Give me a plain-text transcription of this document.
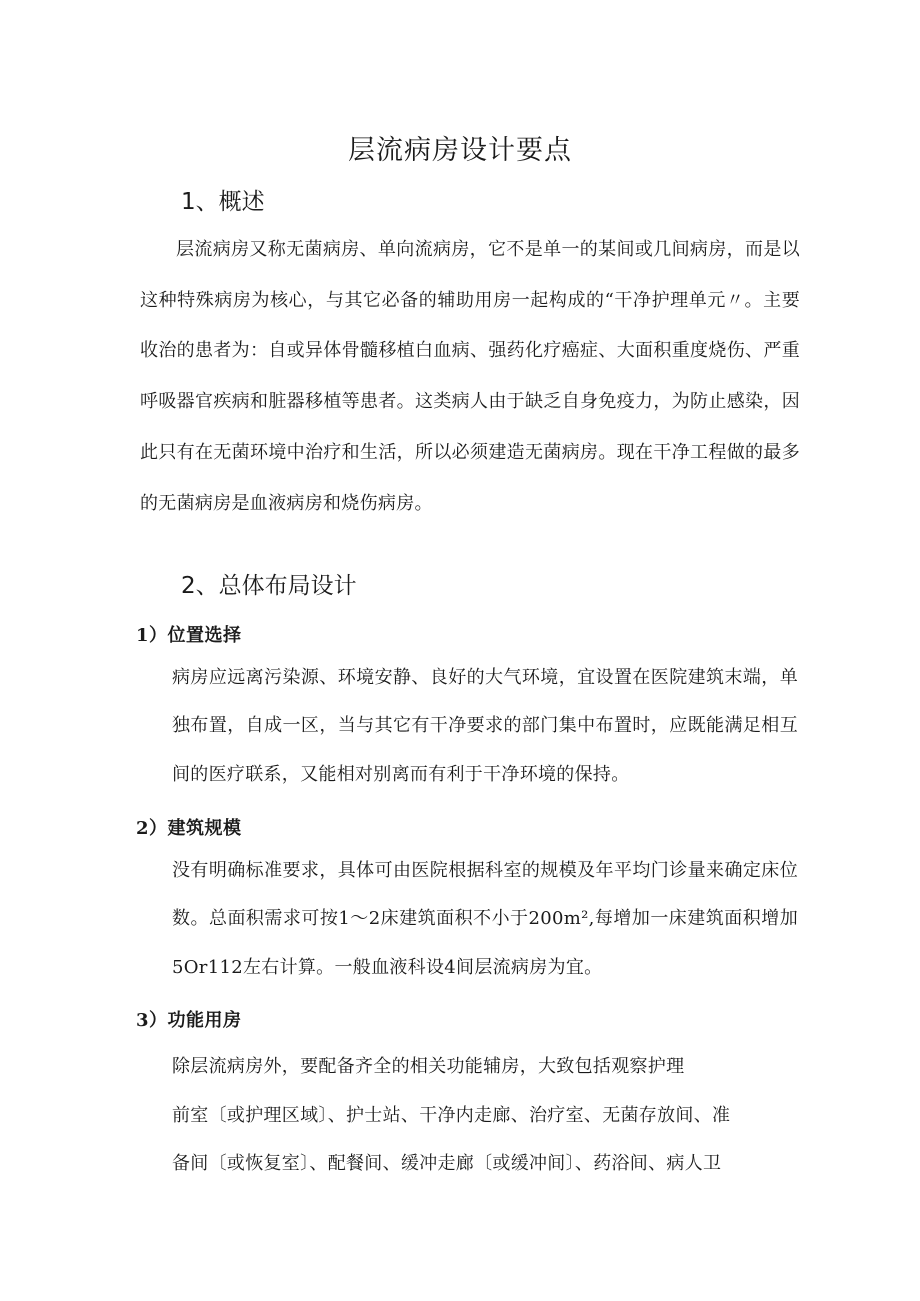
层流病房设计要点
1、概述

层流病房又称无菌病房、单向流病房，它不是单一的某间或几间病房，而是以这种特殊病房为核心，与其它必备的辅助用房一起构成的“干净护理单元〃。主要收治的患者为：自或异体骨髓移植白血病、强药化疗癌症、大面积重度烧伤、严重呼吸器官疾病和脏器移植等患者。这类病人由于缺乏自身免疫力，为防止感染，因此只有在无菌环境中治疗和生活，所以必须建造无菌病房。现在干净工程做的最多的无菌病房是血液病房和烧伤病房。

2、总体布局设计
1）位置选择

病房应远离污染源、环境安静、良好的大气环境，宜设置在医院建筑末端，单独布置，自成一区，当与其它有干净要求的部门集中布置时，应既能满足相互间的医疗联系，又能相对别离而有利于干净环境的保持。

2）建筑规模

没有明确标准要求，具体可由医院根据科室的规模及年平均门诊量来确定床位数。总面积需求可按1～2床建筑面积不小于200m²,每增加一床建筑面积增加5Or112左右计算。一般血液科设4间层流病房为宜。

3）功能用房

除层流病房外，要配备齐全的相关功能辅房，大致包括观察护理

前室〔或护理区域〕、护士站、干净内走廊、治疗室、无菌存放间、准

备间〔或恢复室〕、配餐间、缓冲走廊〔或缓冲间〕、药浴间、病人卫
